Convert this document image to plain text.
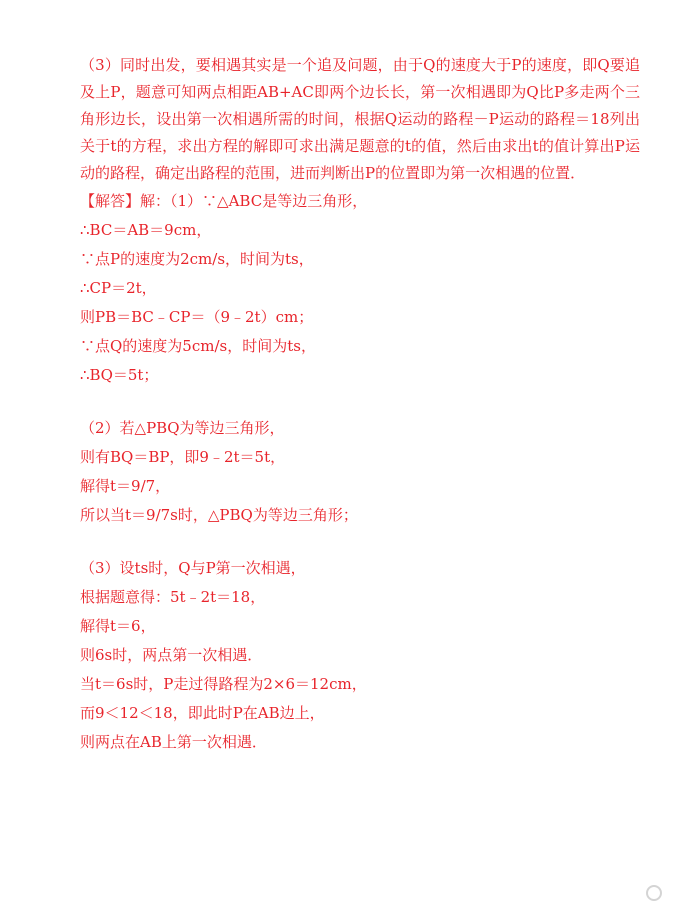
（3）同时出发，要相遇其实是一个追及问题，由于Q的速度大于P的速度，即Q要追及上P，题意可知两点相距AB+AC即两个边长长，第一次相遇即为Q比P多走两个三角形边长，设出第一次相遇所需的时间，根据Q运动的路程－P运动的路程＝18列出关于t的方程，求出方程的解即可求出满足题意的t的值，然后由求出t的值计算出P运动的路程，确定出路程的范围，进而判断出P的位置即为第一次相遇的位置．

【解答】解：（1）∵△ABC是等边三角形，

∴BC＝AB＝9cm，

∵点P的速度为2cm/s，时间为ts，

∴CP＝2t，

则PB＝BC﹣CP＝（9﹣2t）cm；

∵点Q的速度为5cm/s，时间为ts，

∴BQ＝5t；

（2）若△PBQ为等边三角形，

则有BQ＝BP，即9﹣2t＝5t，

解得t＝9/7，

所以当t＝9/7s时，△PBQ为等边三角形；

（3）设ts时，Q与P第一次相遇，

根据题意得：5t﹣2t＝18，

解得t＝6，

则6s时，两点第一次相遇．

当t＝6s时，P走过得路程为2×6＝12cm，

而9＜12＜18，即此时P在AB边上，

则两点在AB上第一次相遇．
